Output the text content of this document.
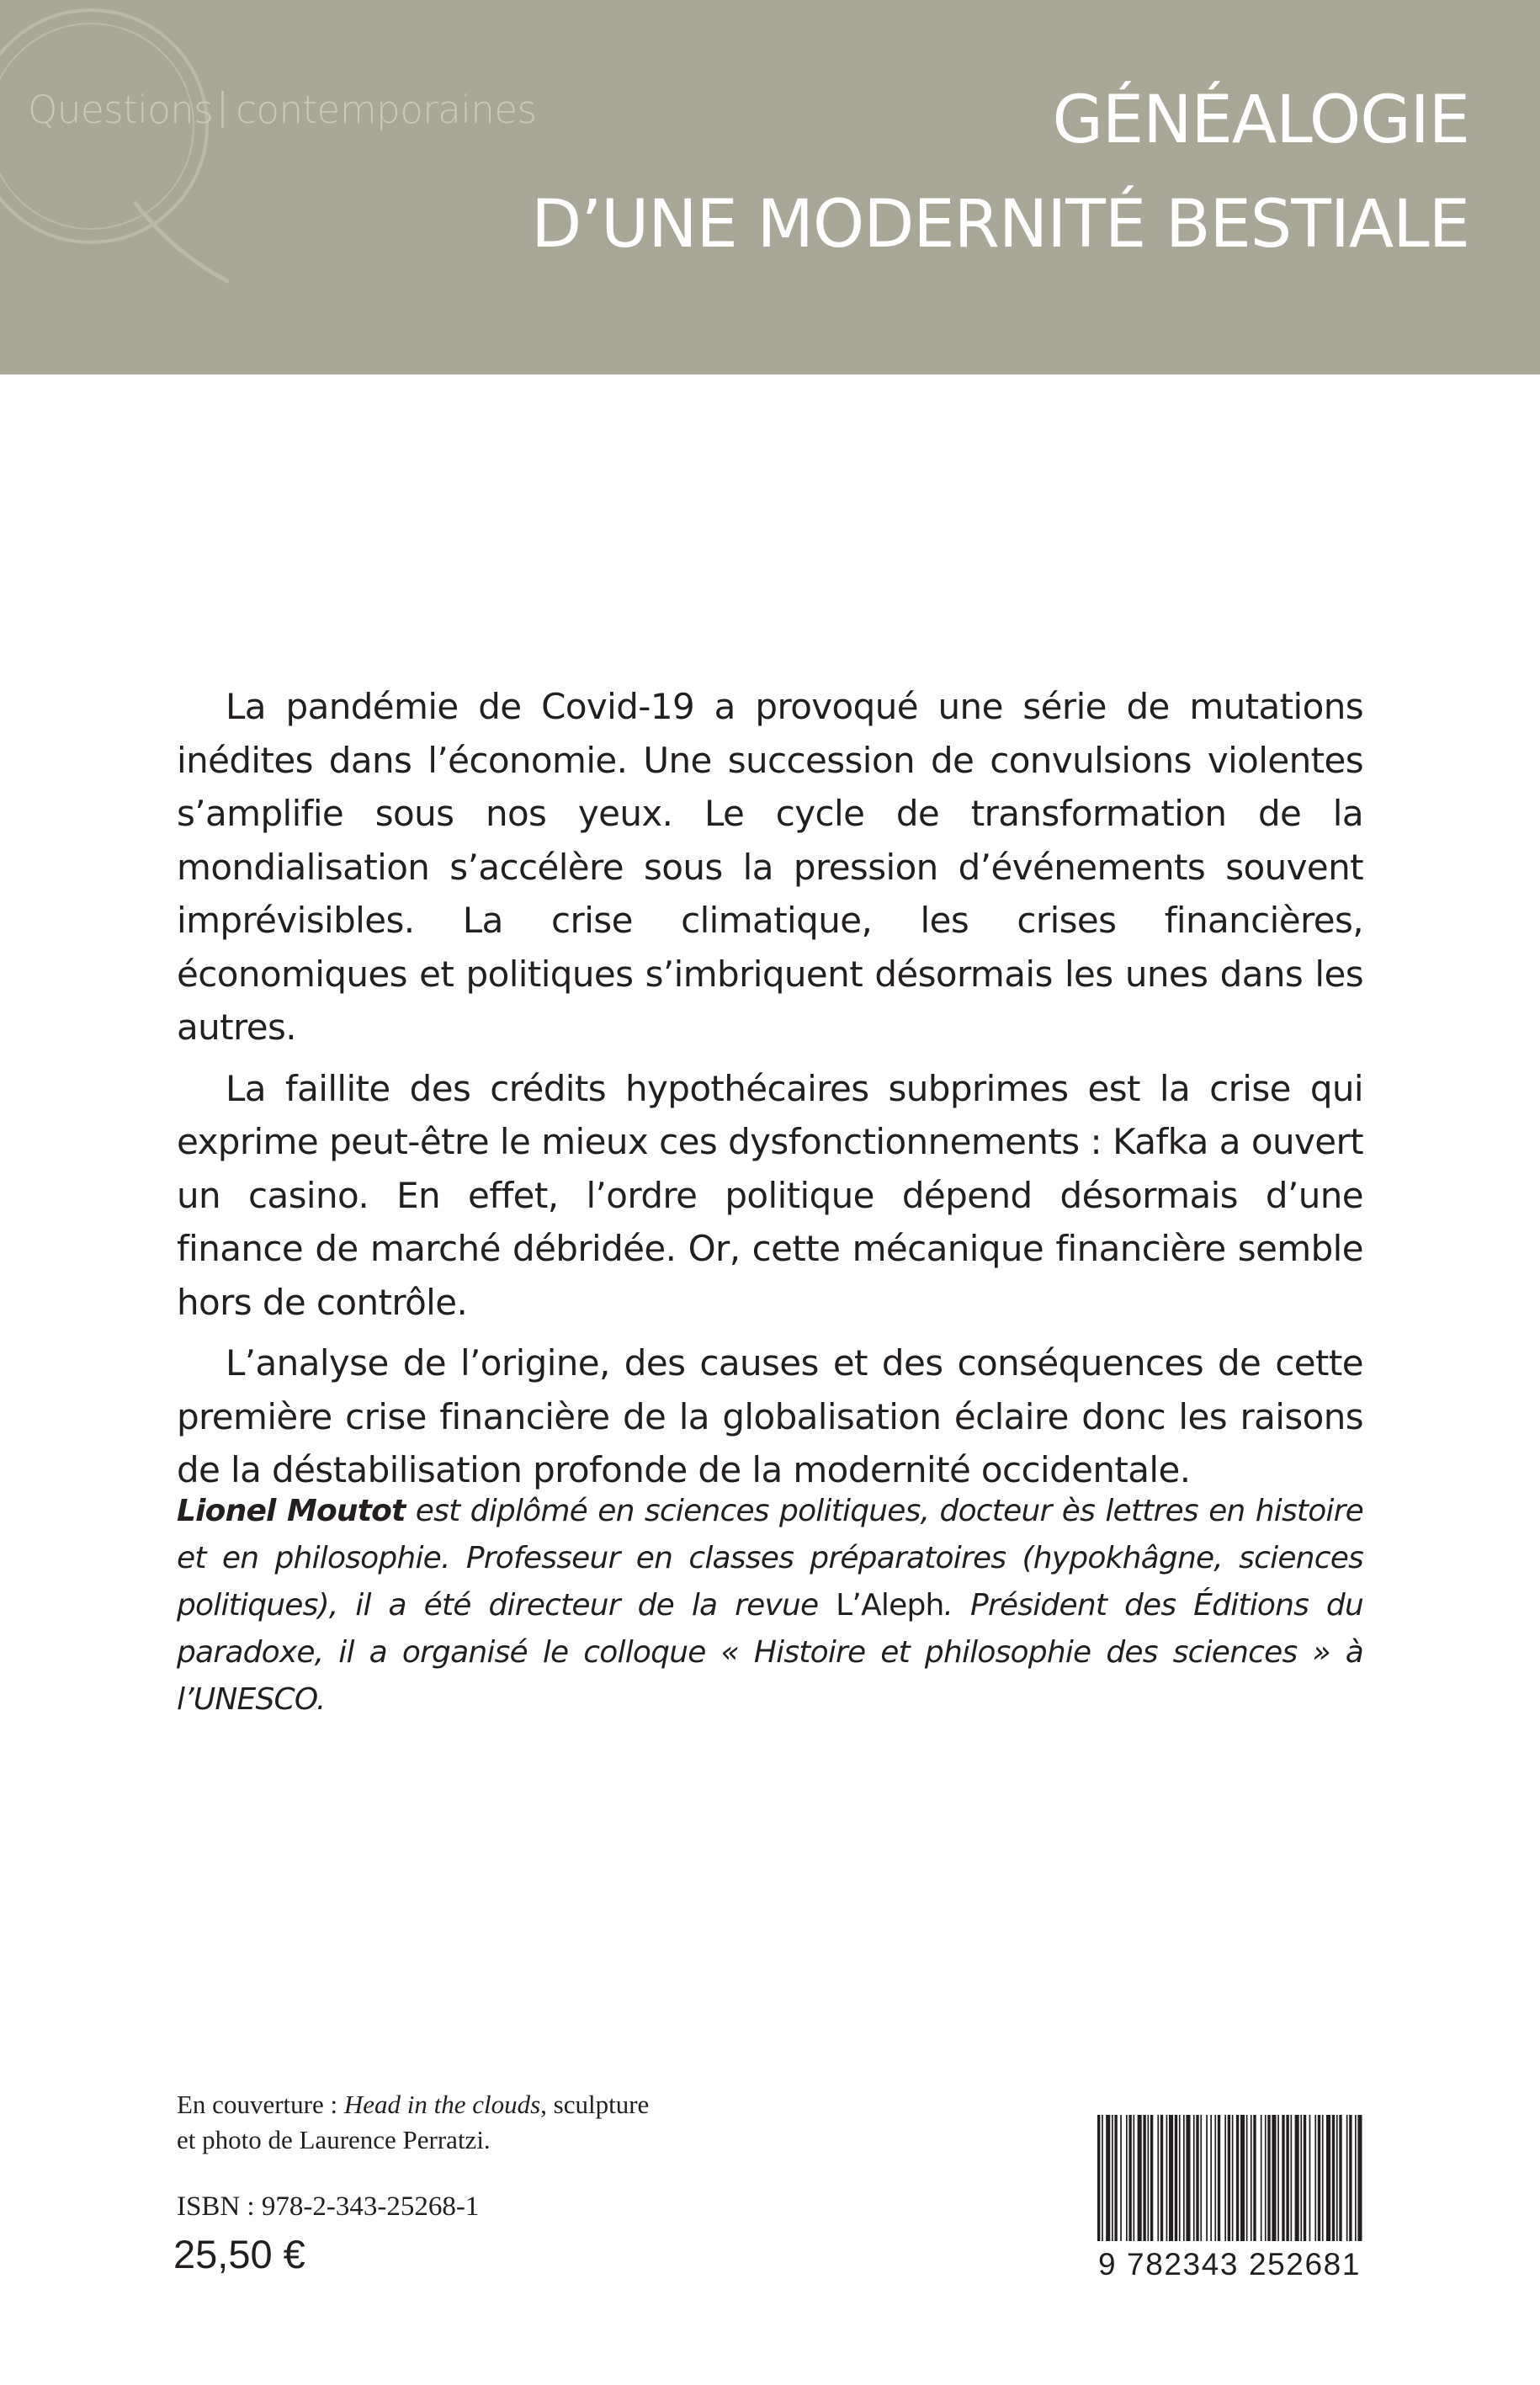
Questions contemporaines	GÉNÉALOGIE
D’UNE MODERNITÉ BESTIALE

La pandémie de Covid-19 a provoqué une série de mutations inédites dans l’économie. Une succession de convulsions violentes s’amplifie sous nos yeux. Le cycle de transformation de la mondialisation s’accélère sous la pression d’événements souvent imprévisibles. La crise climatique, les crises financières, économiques et politiques s’imbriquent désormais les unes dans les autres.

La faillite des crédits hypothécaires subprimes est la crise qui exprime peut-être le mieux ces dysfonctionnements : Kafka a ouvert un casino. En effet, l’ordre politique dépend désormais d’une finance de marché débridée. Or, cette mécanique financière semble hors de contrôle.

L’analyse de l’origine, des causes et des conséquences de cette première crise financière de la globalisation éclaire donc les raisons de la déstabilisation profonde de la modernité occidentale.

Lionel Moutot est diplômé en sciences politiques, docteur ès lettres en histoire et en philosophie. Professeur en classes préparatoires (hypokhâgne, sciences politiques), il a été directeur de la revue L’Aleph. Président des Éditions du paradoxe, il a organisé le colloque « Histoire et philosophie des sciences » à l’UNESCO.
En couverture : Head in the clouds, sculpture
et photo de Laurence Perratzi.
ISBN : 978-2-343-25268-1
25,50 €	9 782343 252681
